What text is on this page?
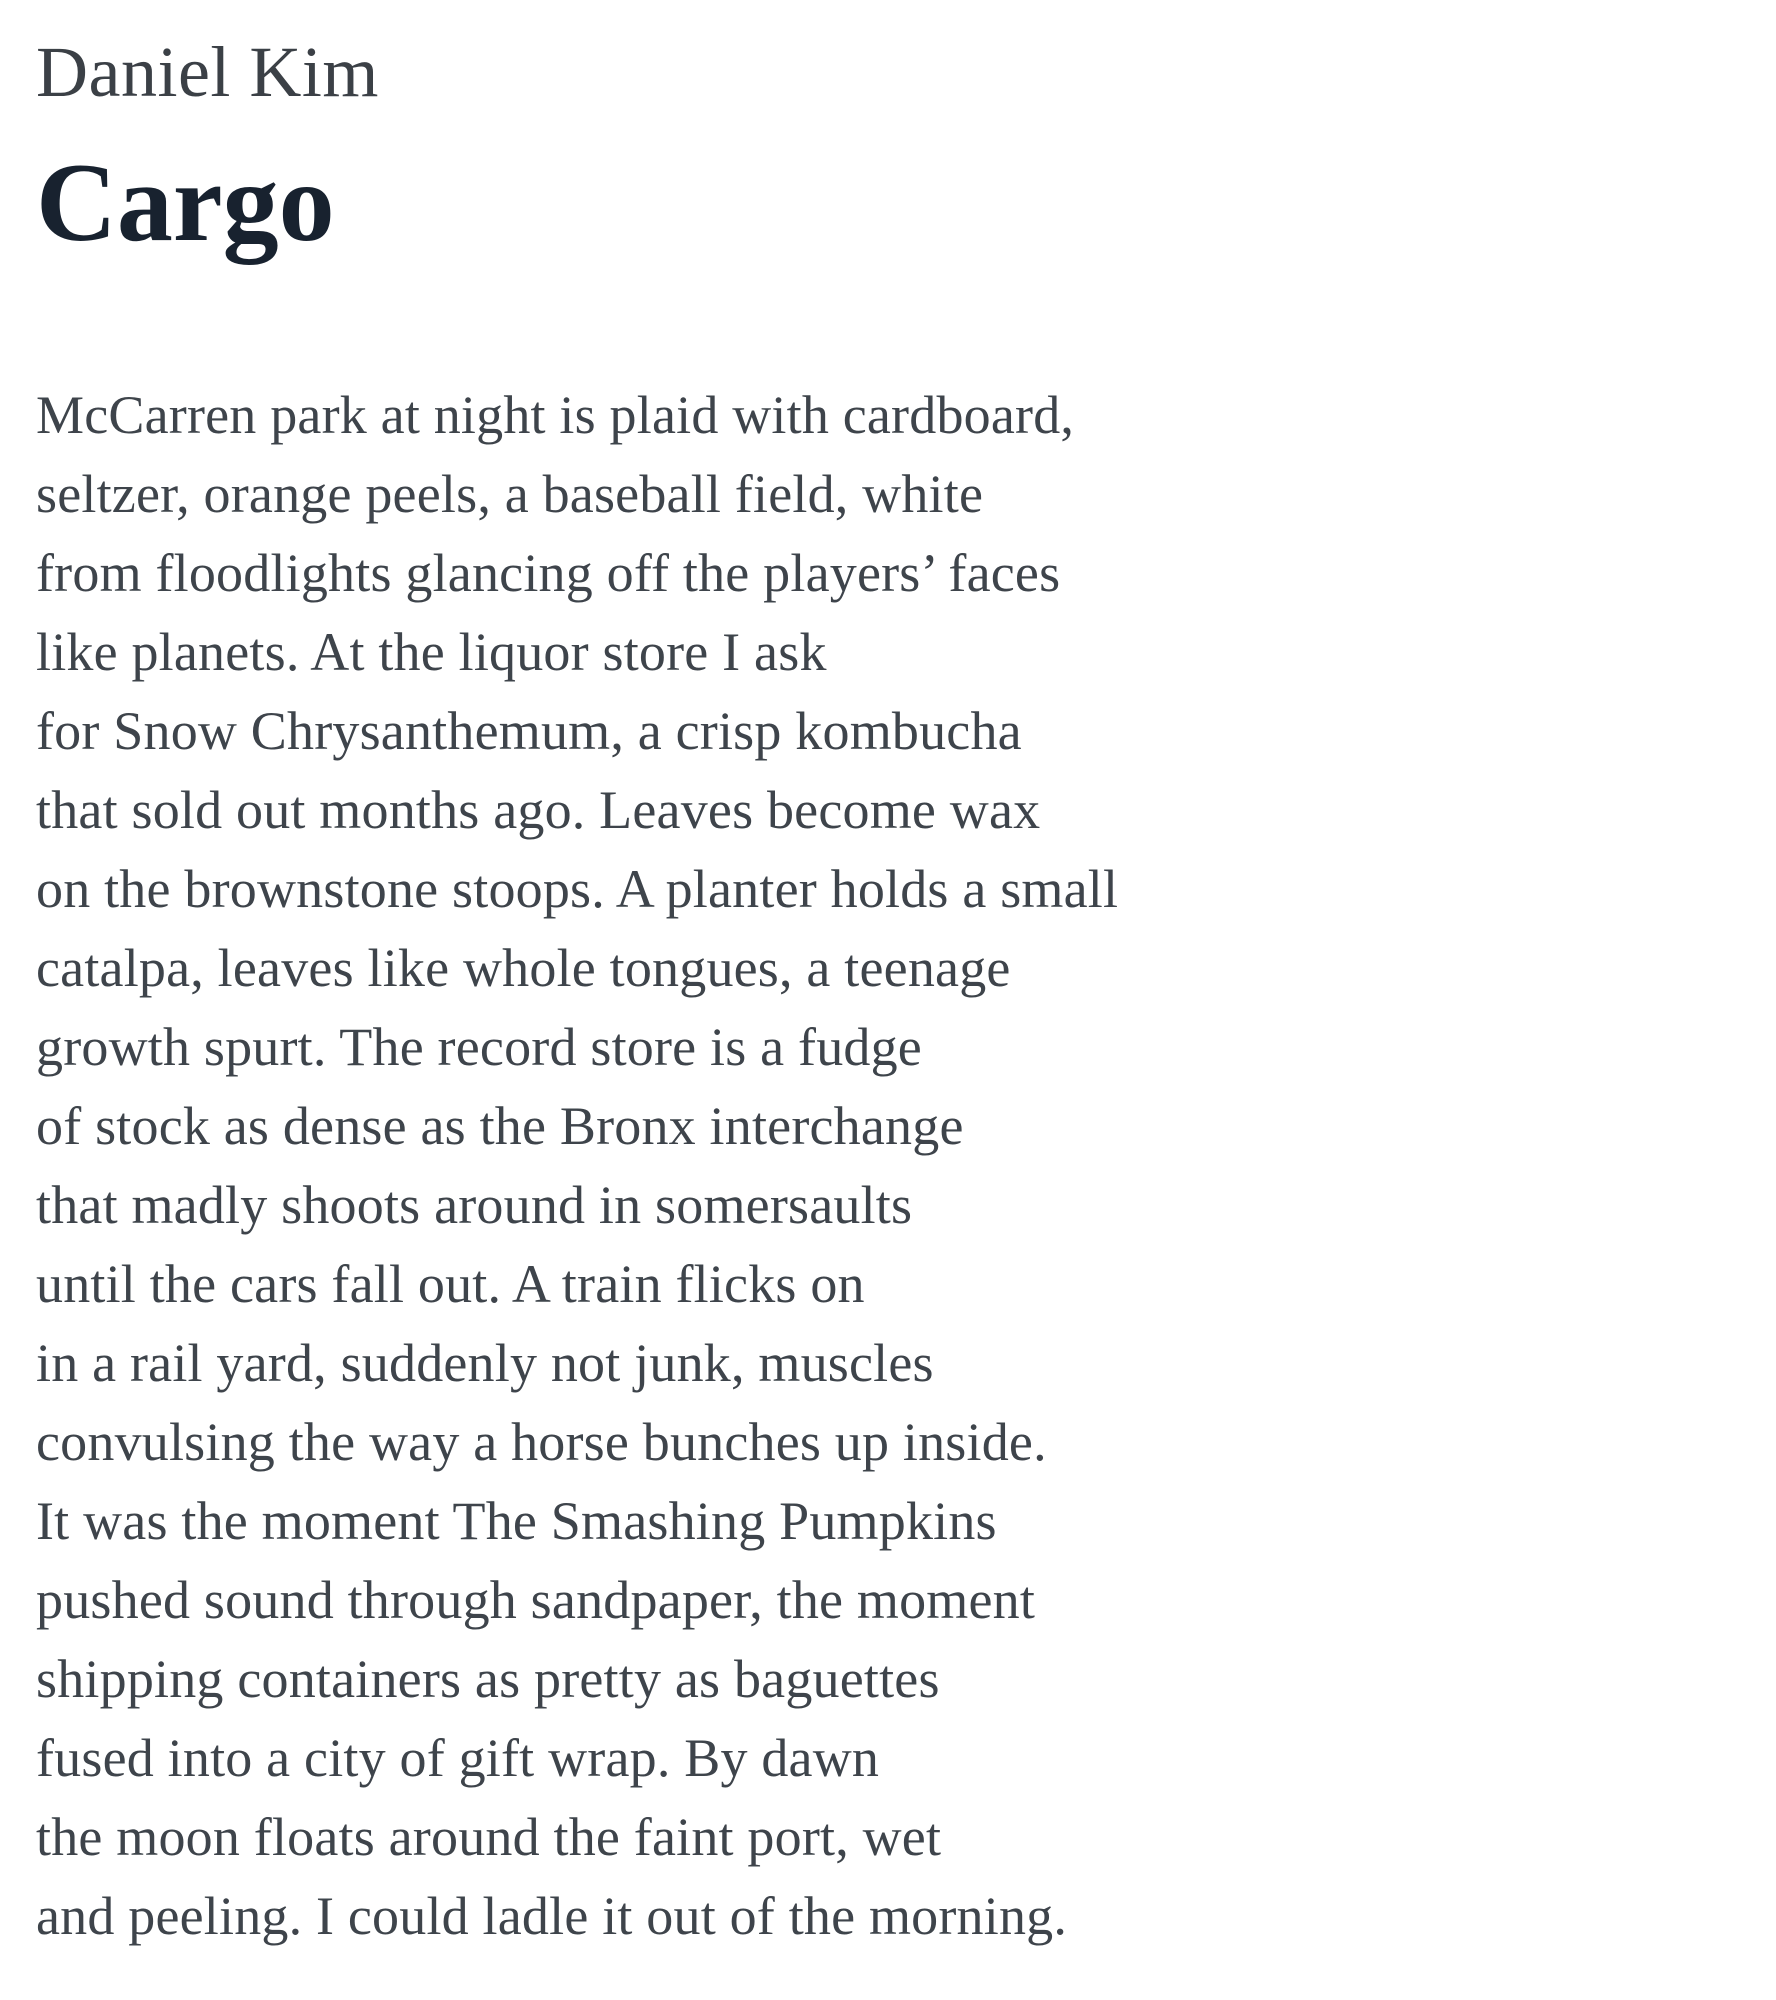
Daniel Kim
Cargo
McCarren park at night is plaid with cardboard,
seltzer, orange peels, a baseball field, white
from floodlights glancing off the players’ faces
like planets. At the liquor store I ask
for Snow Chrysanthemum, a crisp kombucha
that sold out months ago. Leaves become wax
on the brownstone stoops. A planter holds a small
catalpa, leaves like whole tongues, a teenage
growth spurt. The record store is a fudge
of stock as dense as the Bronx interchange
that madly shoots around in somersaults
until the cars fall out. A train flicks on
in a rail yard, suddenly not junk, muscles
convulsing the way a horse bunches up inside.
It was the moment The Smashing Pumpkins
pushed sound through sandpaper, the moment
shipping containers as pretty as baguettes
fused into a city of gift wrap. By dawn
the moon floats around the faint port, wet
and peeling. I could ladle it out of the morning.
